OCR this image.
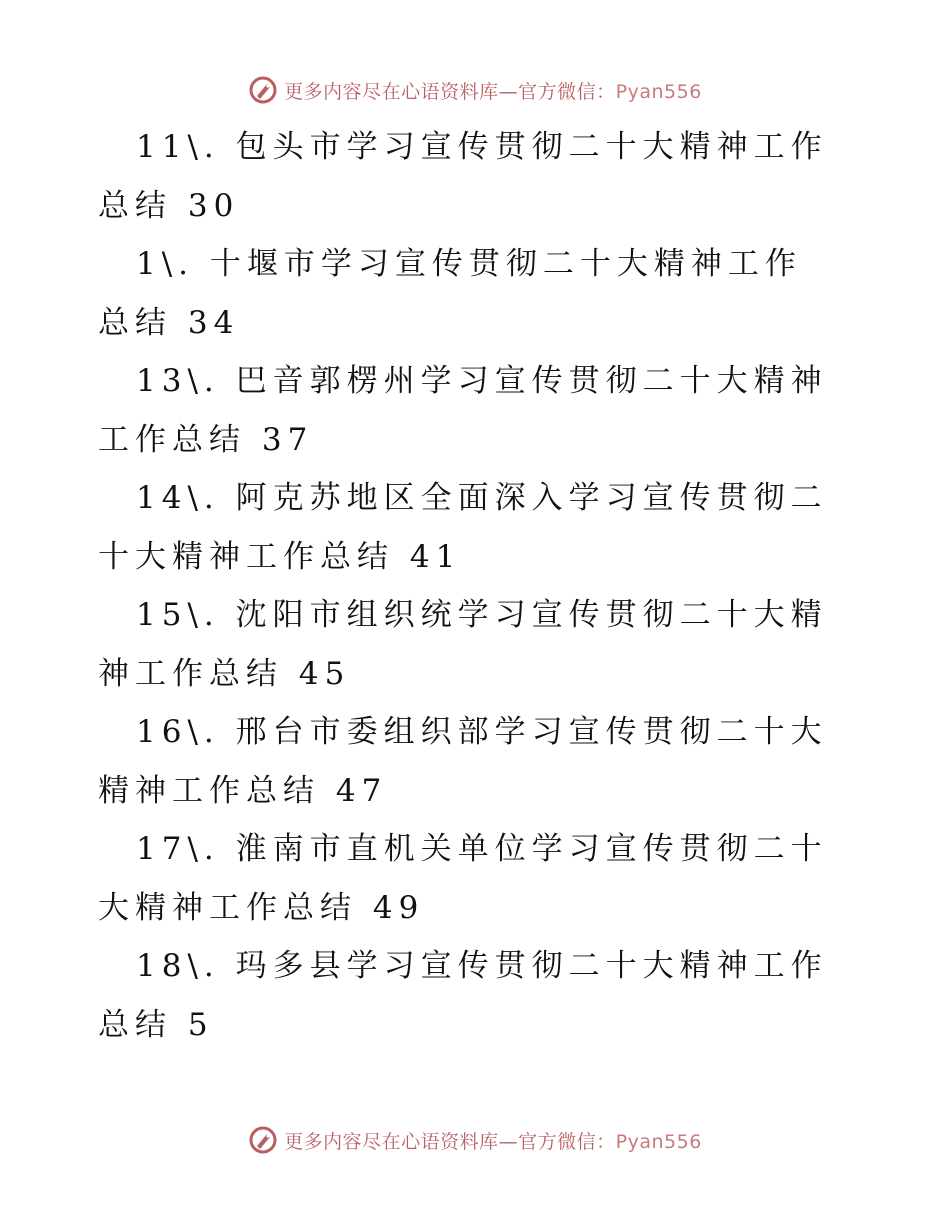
更多内容尽在心语资料库—官方微信：Pyan556
11\. 包头市学习宣传贯彻二十大精神工作总结 30
1\. 十堰市学习宣传贯彻二十大精神工作总结 34
13\. 巴音郭楞州学习宣传贯彻二十大精神工作总结 37
14\. 阿克苏地区全面深入学习宣传贯彻二十大精神工作总结 41
15\. 沈阳市组织统学习宣传贯彻二十大精神工作总结 45
16\. 邢台市委组织部学习宣传贯彻二十大精神工作总结 47
17\. 淮南市直机关单位学习宣传贯彻二十大精神工作总结 49
18\. 玛多县学习宣传贯彻二十大精神工作总结 5
更多内容尽在心语资料库—官方微信：Pyan556
